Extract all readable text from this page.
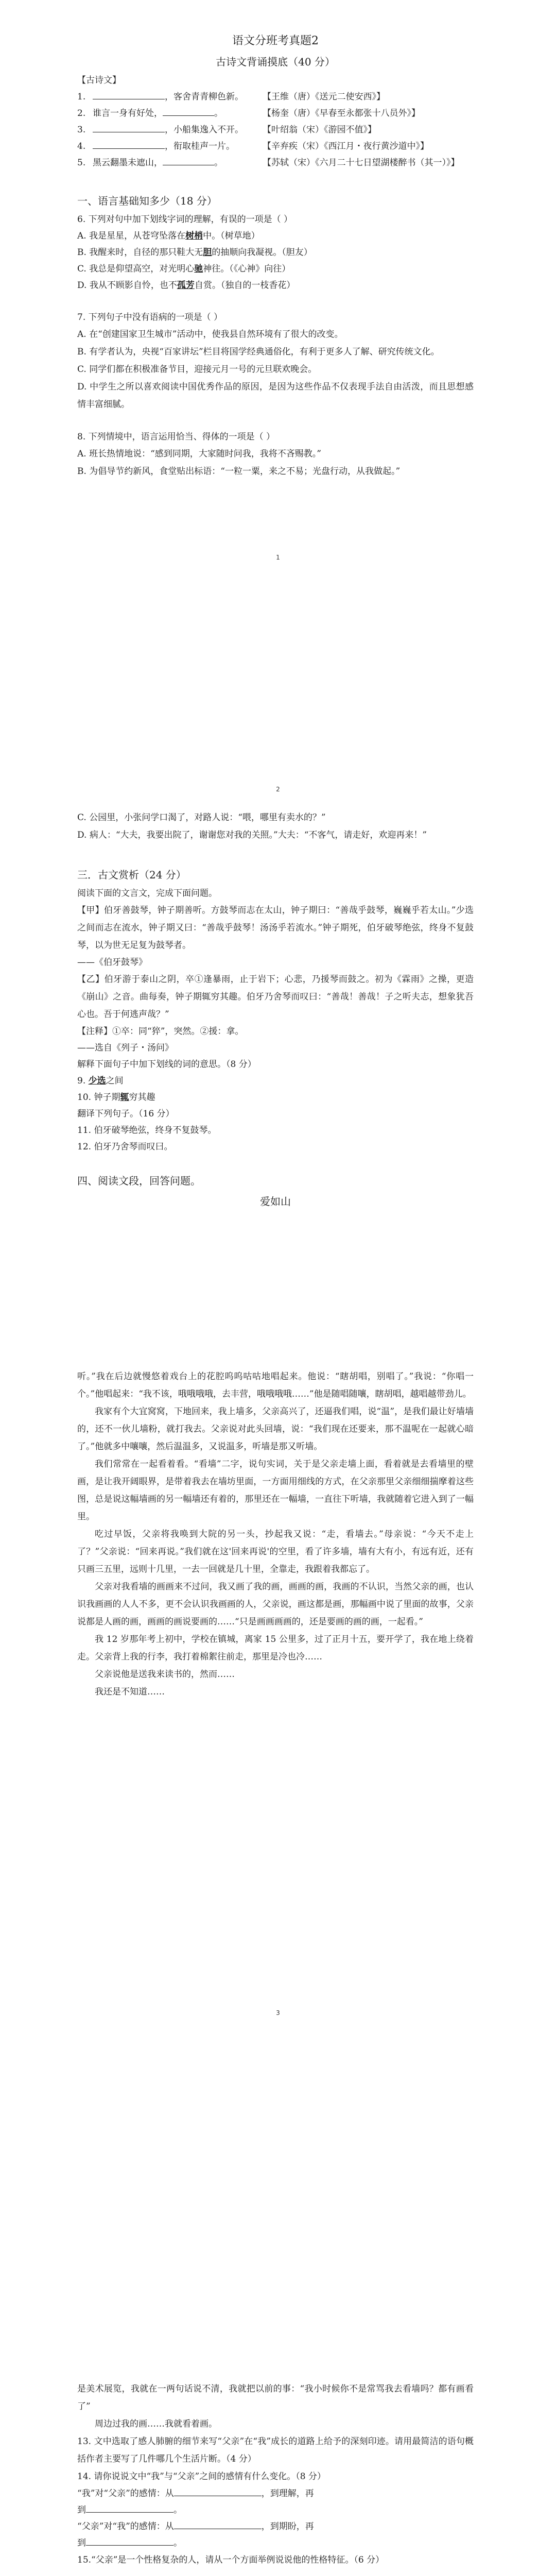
语文分班考真题2
古诗文背诵摸底（40 分）
【古诗文】
1.	，客舍青青柳色新。	【王维（唐）《送元二使安西》】
2. 谁言一身有好处，	。	【杨奎（唐）《早春至永都张十八员外》】
3.	，小船集逸入不开。	【叶绍翁（宋）《游园不值》】
4.	，衔取桂声一片。	【辛弃疾（宋）《西江月・夜行黄沙道中》】
5. 黑云翻墨未遮山，	。	【苏轼（宋）《六月二十七日望湖楼醉书（其一）》】
一、语言基础知多少（18 分）
6. 下列对句中加下划线字词的理解，有误的一项是（ ）
A. 我是星星，从苍穹坠落在树梢中。（树草地）
B. 我醒来时，自径的那只鞋大无胆的抽顺向我凝视。（胆友）
C. 我总是仰望高空，对光明心驰神往。（《心神》向往）
D. 我从不顾影自怜，也不孤芳自赏。（独自的一枝香花）
7. 下列句子中没有语病的一项是（ ）
A. 在“创建国家卫生城市”活动中，使我县自然环境有了很大的改变。
B. 有学者认为，央视“百家讲坛”栏目将国学经典通俗化，有利于更多人了解、研究传统文化。
C. 同学们都在积极准备节目，迎接元月一号的元旦联欢晚会。
D. 中学生之所以喜欢阅读中国优秀作品的原因，是因为这些作品不仅表现手法自由活泼，而且思想感情丰富细腻。
8. 下列情境中，语言运用恰当、得体的一项是（ ）
A. 班长热情地说：“感到同期，大家随时问我，我将不吝赐教。”
B. 为倡导节约新风，食堂贴出标语：“一粒一粟，来之不易；光盘行动，从我做起。”
1
C. 公园里，小张问学口渴了，对路人说：“喂，哪里有卖水的？”
D. 病人：“大夫，我要出院了，谢谢您对我的关照。”大夫：“不客气，请走好，欢迎再来！”
三．古文赏析（24 分）
阅读下面的文言文，完成下面问题。
【甲】伯牙善鼓琴，钟子期善听。方鼓琴而志在太山，钟子期曰：“善哉乎鼓琴，巍巍乎若太山。”少选之间而志在流水，钟子期又曰：“善哉乎鼓琴！汤汤乎若流水。”钟子期死，伯牙破琴绝弦，终身不复鼓琴，以为世无足复为鼓琴者。
——《伯牙鼓琴》
【乙】伯牙游于泰山之阴，卒①逢暴雨，止于岩下；心悲，乃援琴而鼓之。初为《霖雨》之操，更造《崩山》之音。曲每奏，钟子期辄穷其趣。伯牙乃舍琴而叹曰：“善哉！善哉！子之听夫志，想象犹吾心也。吾于何逃声哉？”
【注释】①卒：同“猝”，突然。②援：拿。
——选自《列子・汤问》
解释下面句子中加下划线的词的意思。（8 分）
9. 少选之间
10. 钟子期辄穷其趣
翻译下列句子。（16 分）
11. 伯牙破琴绝弦，终身不复鼓琴。
12. 伯牙乃舍琴而叹曰。
四、阅读文段，回答问题。
爱如山
2
听。”我在后边就慢悠着戏台上的花腔呜呜咕咕地唱起来。他说：“瞎胡唱，别唱了。”我说：“你唱一个。”他唱起来：“我不该，哦哦哦哦，去丰营，哦哦哦哦……”他是随唱随嚷，瞎胡唱，越唱越带劲儿。
我家有个大宜窝窝，下地回来，我上墙多，父亲高兴了，还逼我们唱，说“温”，是我们最让好墙墙的，还不一伙儿墙粉，就打我去。父亲说对此头回墙，说：“我们现在还要来，那不温呢在一起就心暗了。”他就多中嚷嚷，然后温温多，又说温多，听墙是那又听墙。
我们常常在一起看着看。“看墙”二字，说句实词，关于是父亲走墙上面，看着就是去看墙里的壁画，是让我开阔眼界，是带着我去在墙坊里面，一方面用细线的方式，在父亲那里父亲细细揣摩着这些图，总是说这幅墙画的另一幅墙还有着的，那里还在一幅墙，一直往下听墙，我就随着它进入到了一幅里。
吃过早饭，父亲将我唤到大院的另一头，抄起我又说：“走，看墙去。”母亲说：“今天不走上了？”父亲说：“回来再说。”我们就在这'回来再说'的空里，看了许多墙，墙有大有小，有远有近，还有只画三五里，远则十几里，一去一回就是几十里，全靠走，我跟着我都忘了。
父亲对我看墙的画画来不过问，我又画了我的画，画画的画，我画的不认识，当然父亲的画，也认识我画画的人人不多，更不会认识我画画的人，父亲说，画这都是画，那幅画中说了里面的故事，父亲说都是人画的画，画画的画说要画的……“只是画画画画的，还是要画的画的画，一起看。”
我 12 岁那年考上初中，学校在镇城，离家 15 公里多，过了正月十五，要开学了，我在地上绕着走。父亲背上我的行李，我打着棉絮往前走，那里是冷也冷……
父亲说他是送我来读书的，然而……
我还是不知道……
3
是美术展览，我就在一两句话说不清，我就把以前的事：“我小时候你不是常骂我去看墙吗？都有画看了”
周边过我的画……我就看着画。
13. 文中选取了感人肺腑的细节来写“父亲”在“我”成长的道路上给予的深刻印迹。请用最简洁的语句概括作者主要写了几件哪几个生活片断。（4 分）
14. 请你说说文中“我”与“父亲”之间的感情有什么变化。（8 分）
“我”对“父亲”的感情：从	，到理解，再
到	。
“父亲”对“我”的感情：从	，到期盼，再
到	。
15.“父亲”是一个性格复杂的人，请从一个方面举例说说他的性格特征。（6 分）
